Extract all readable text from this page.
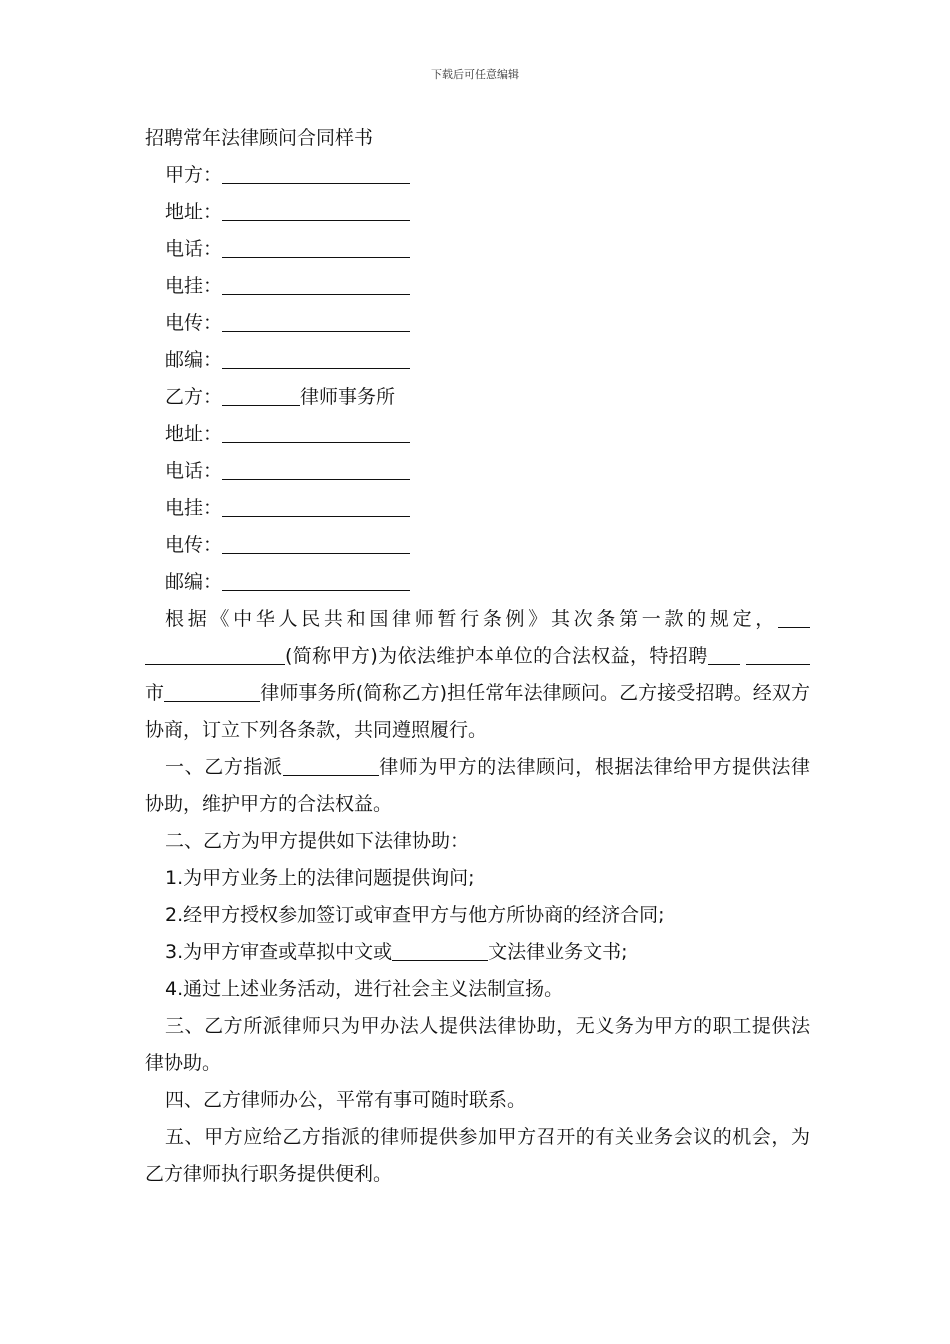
下载后可任意编辑
招聘常年法律顾问合同样书
甲方：
地址：
电话：
电挂：
电传：
邮编：
乙方：	律师事务所
地址：
电话：
电挂：
电传：
邮编：

根据《中华人民共和国律师暂行条例》其次条第一款的规定， (简称甲方)为依法维护本单位的合法权益，特招聘 市	律师事务所(简称乙方)担任常年法律顾问。乙方接受招聘。经双方协商，订立下列各条款，共同遵照履行。

一、乙方指派	律师为甲方的法律顾问，根据法律给甲方提供法律协助，维护甲方的合法权益。

二、乙方为甲方提供如下法律协助：

1.为甲方业务上的法律问题提供询问;
2.经甲方授权参加签订或审查甲方与他方所协商的经济合同;
3.为甲方审查或草拟中文或	文法律业务文书;
4.通过上述业务活动，进行社会主义法制宣扬。

三、乙方所派律师只为甲办法人提供法律协助，无义务为甲方的职工提供法律协助。

四、乙方律师办公，平常有事可随时联系。

五、甲方应给乙方指派的律师提供参加甲方召开的有关业务会议的机会，为乙方律师执行职务提供便利。
